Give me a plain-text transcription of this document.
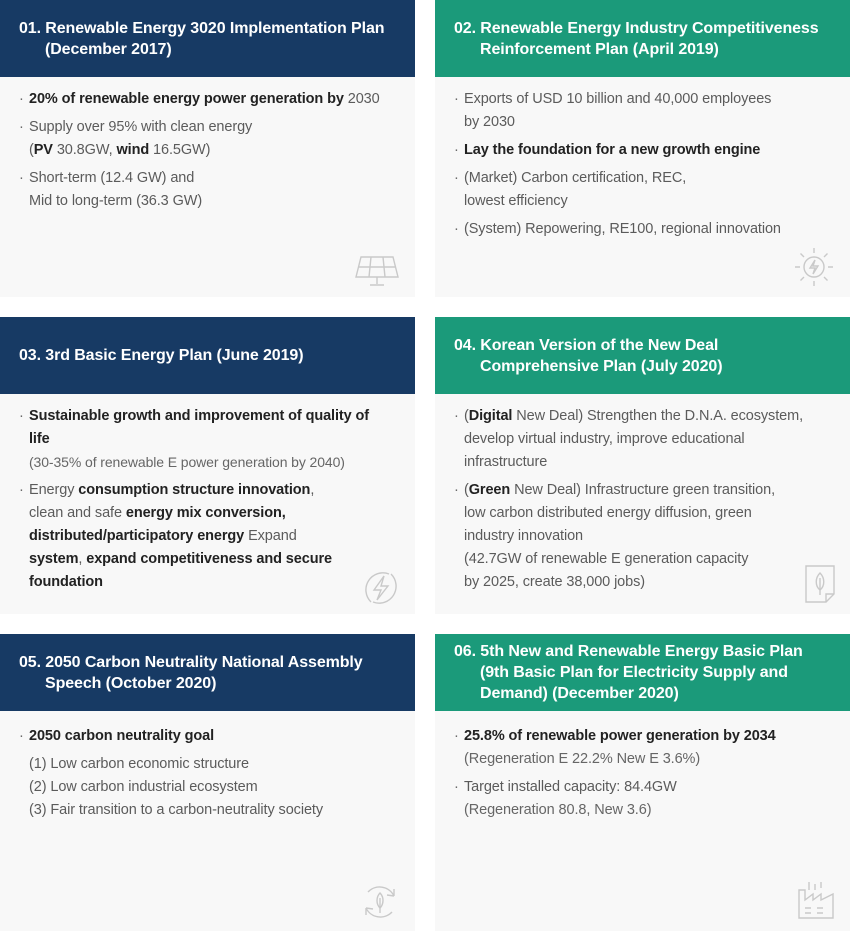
01. Renewable Energy 3020 Implementation Plan (December 2017)
· 20% of renewable energy power generation by 2030
· Supply over 95% with clean energy
(PV 30.8GW, wind 16.5GW)
· Short-term (12.4 GW) and
Mid to long-term (36.3 GW)
02. Renewable Energy Industry Competitiveness Reinforcement Plan (April 2019)
· Exports of USD 10 billion and 40,000 employees
by 2030
· Lay the foundation for a new growth engine
· (Market) Carbon certification, REC,
lowest efficiency
· (System) Repowering, RE100, regional innovation
03. 3rd Basic Energy Plan (June 2019)
· Sustainable growth and improvement of quality of life
(30-35% of renewable E power generation by 2040)
· Energy consumption structure innovation,
clean and safe energy mix conversion,
distributed/participatory energy Expand
system, expand competitiveness and secure foundation
04. Korean Version of the New Deal Comprehensive Plan (July 2020)
· (Digital New Deal) Strengthen the D.N.A. ecosystem, develop virtual industry, improve educational infrastructure
· (Green New Deal) Infrastructure green transition, low carbon distributed energy diffusion, green industry innovation
(42.7GW of renewable E generation capacity
by 2025, create 38,000 jobs)
05. 2050 Carbon Neutrality National Assembly Speech (October 2020)
· 2050 carbon neutrality goal
(1) Low carbon economic structure
(2) Low carbon industrial ecosystem
(3) Fair transition to a carbon-neutrality society
06. 5th New and Renewable Energy Basic Plan (9th Basic Plan for Electricity Supply and Demand) (December 2020)
· 25.8% of renewable power generation by 2034
(Regeneration E 22.2% New E 3.6%)
· Target installed capacity: 84.4GW
(Regeneration 80.8, New 3.6)
